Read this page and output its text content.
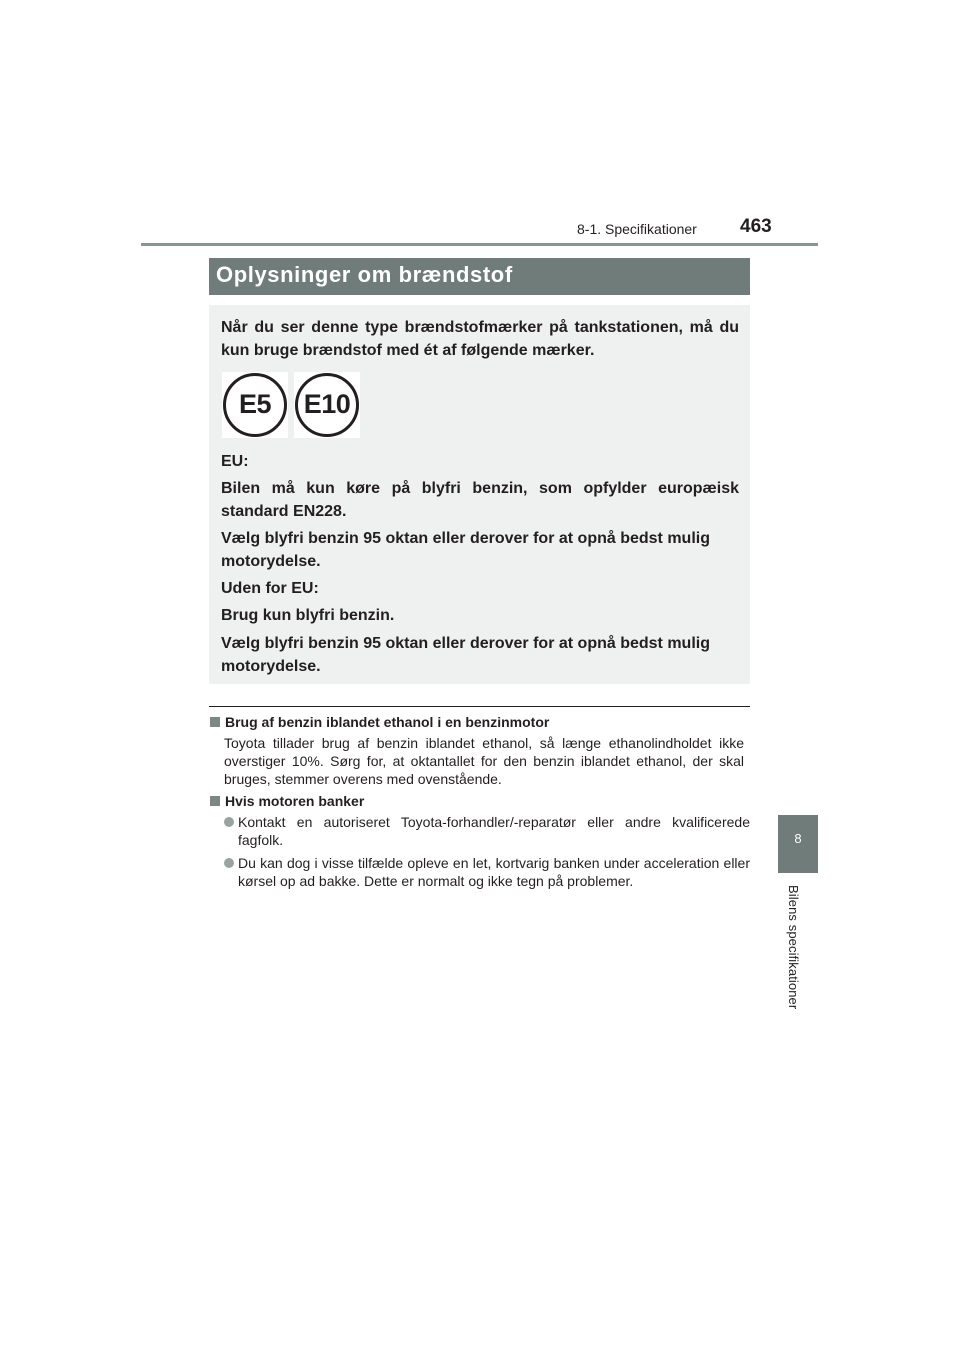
8-1. Specifikationer 463
8
Bilens specifikationer
Oplysninger om brændstof
Når du ser denne type brændstofmærker på tankstationen, må du kun bruge brændstof med ét af følgende mærker.
E5	E10
EU:
Bilen må kun køre på blyfri benzin, som opfylder europæisk standard EN228.
Vælg blyfri benzin 95 oktan eller derover for at opnå bedst mulig
motorydelse.
Uden for EU:
Brug kun blyfri benzin.
Vælg blyfri benzin 95 oktan eller derover for at opnå bedst mulig
motorydelse.
Brug af benzin iblandet ethanol i en benzinmotor
Toyota tillader brug af benzin iblandet ethanol, så længe ethanolindholdet ikke overstiger 10%. Sørg for, at oktantallet for den benzin iblandet ethanol, der skal bruges, stemmer overens med ovenstående.
Hvis motoren banker
Kontakt en autoriseret Toyota-forhandler/-reparatør eller andre kvalificerede fagfolk.
Du kan dog i visse tilfælde opleve en let, kortvarig banken under acceleration eller kørsel op ad bakke. Dette er normalt og ikke tegn på problemer.
